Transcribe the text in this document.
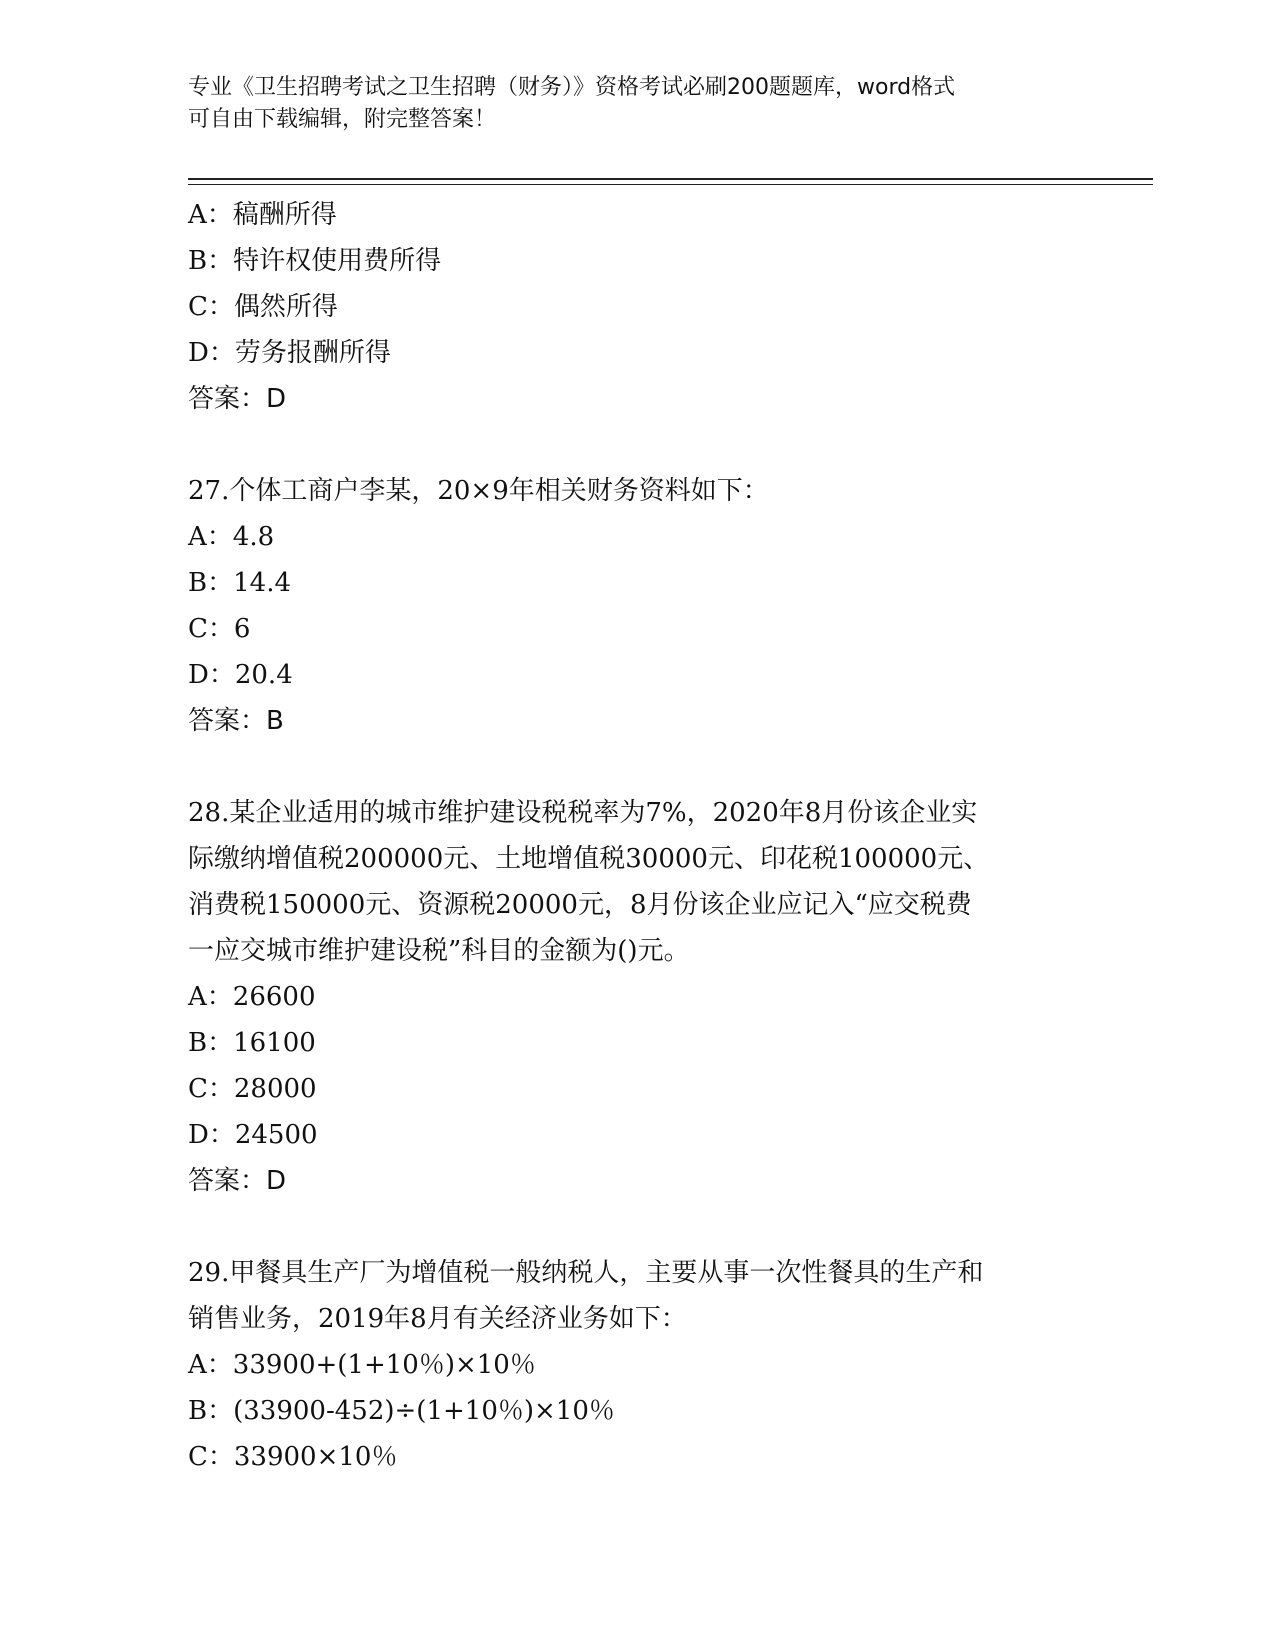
专业《卫生招聘考试之卫生招聘（财务）》资格考试必刷200题题库，word格式
可自由下载编辑，附完整答案！
A：稿酬所得
B：特许权使用费所得
C：偶然所得
D：劳务报酬所得
答案：D
27.个体工商户李某，20×9年相关财务资料如下：
A：4.8
B：14.4
C：6
D：20.4
答案：B
28.某企业适用的城市维护建设税税率为7%，2020年8月份该企业实
际缴纳增值税200000元、土地增值税30000元、印花税100000元、
消费税150000元、资源税20000元，8月份该企业应记入“应交税费
一应交城市维护建设税”科目的金额为()元。
A：26600
B：16100
C：28000
D：24500
答案：D
29.甲餐具生产厂为增值税一般纳税人，主要从事一次性餐具的生产和
销售业务，2019年8月有关经济业务如下：
A：33900+(1+10％)×10％
B：(33900-452)÷(1+10％)×10％
C：33900×10％
